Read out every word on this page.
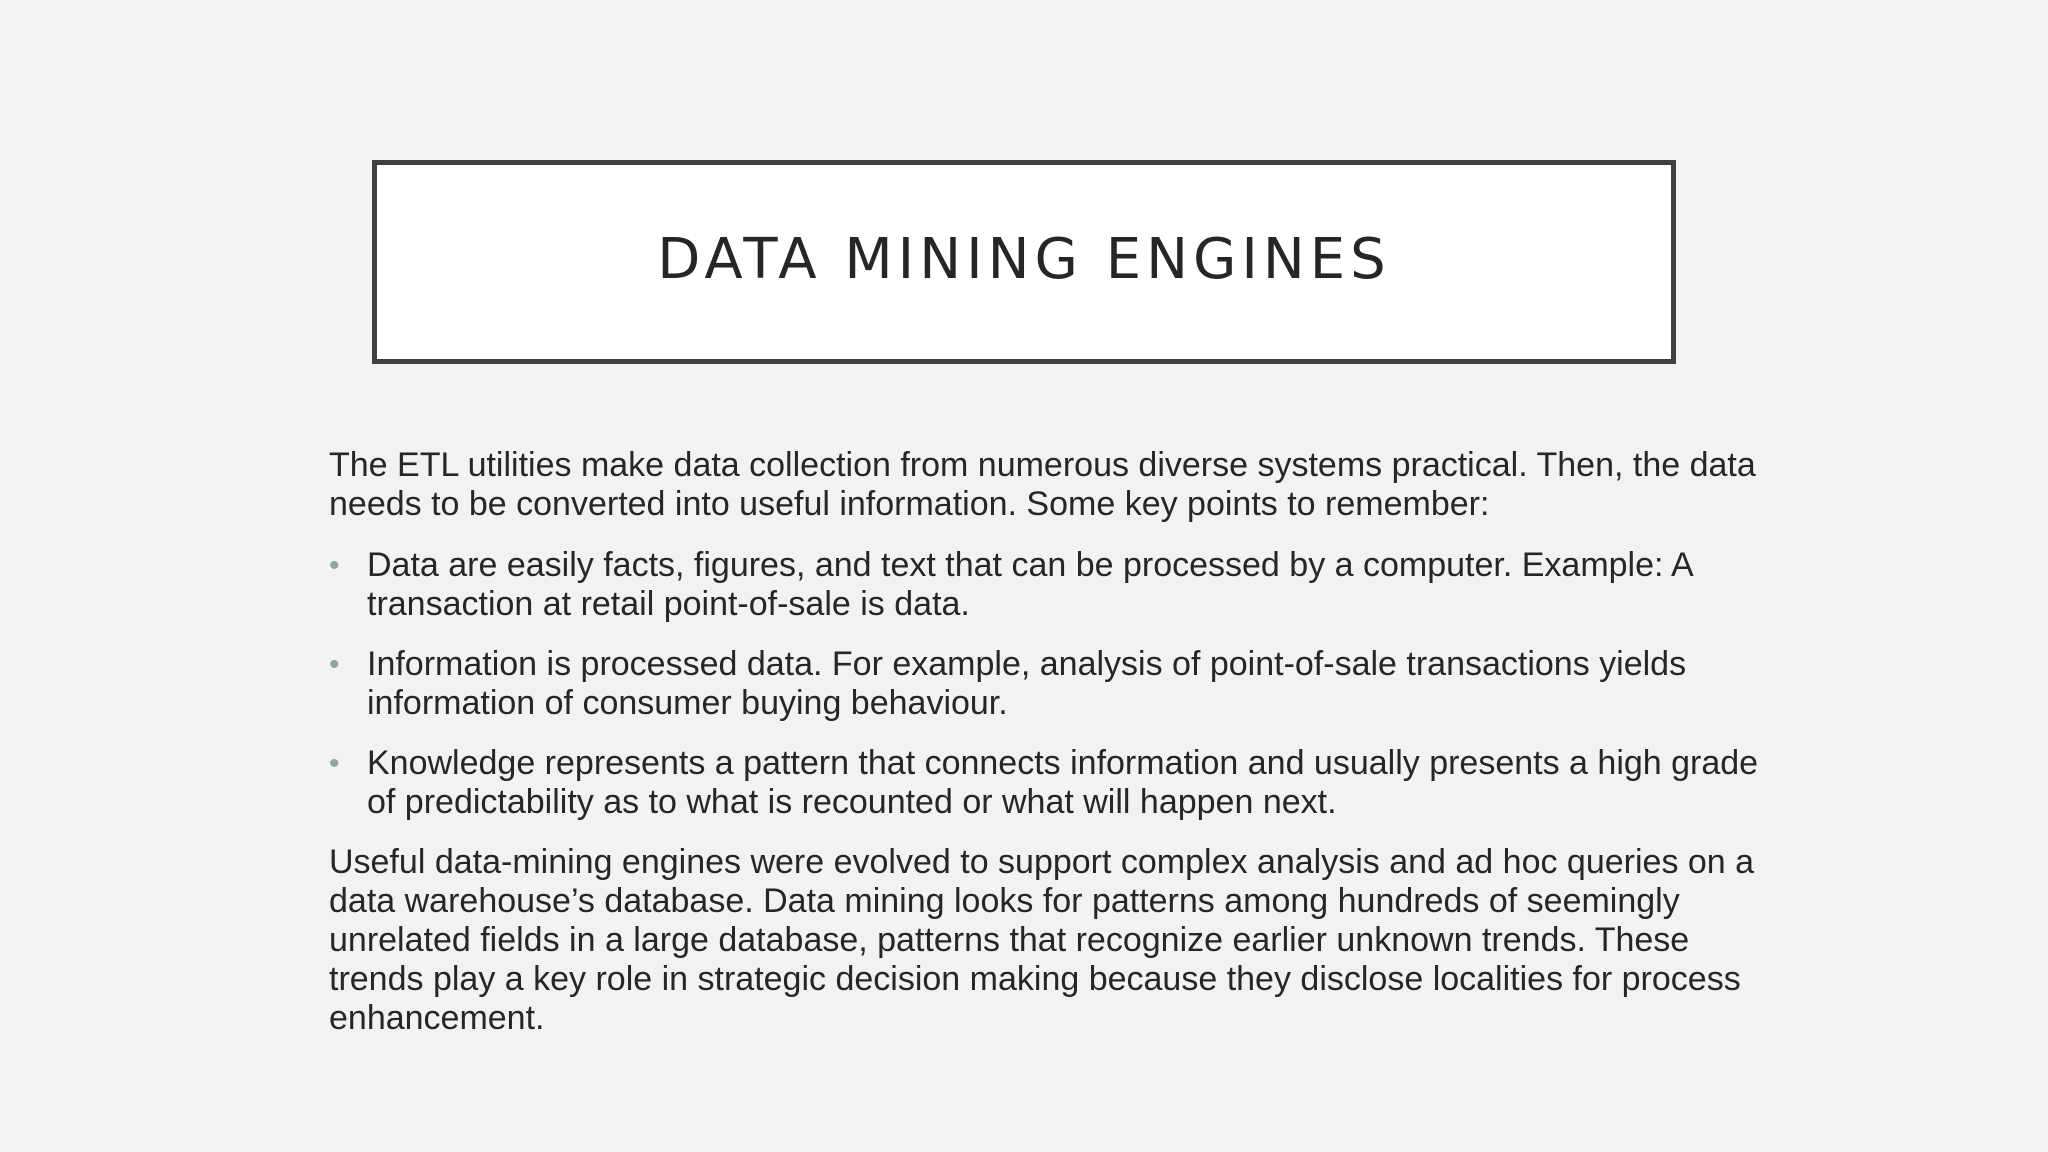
DATA MINING ENGINES

The ETL utilities make data collection from numerous diverse systems practical. Then, the data needs to be converted into useful information. Some key points to remember:

• Data are easily facts, figures, and text that can be processed by a computer. Example: A transaction at retail point-of-sale is data.
• Information is processed data. For example, analysis of point-of-sale transactions yields information of consumer buying behaviour.
• Knowledge represents a pattern that connects information and usually presents a high grade of predictability as to what is recounted or what will happen next.

Useful data-mining engines were evolved to support complex analysis and ad hoc queries on a data warehouse’s database. Data mining looks for patterns among hundreds of seemingly unrelated fields in a large database, patterns that recognize earlier unknown trends. These trends play a key role in strategic decision making because they disclose localities for process enhancement.
